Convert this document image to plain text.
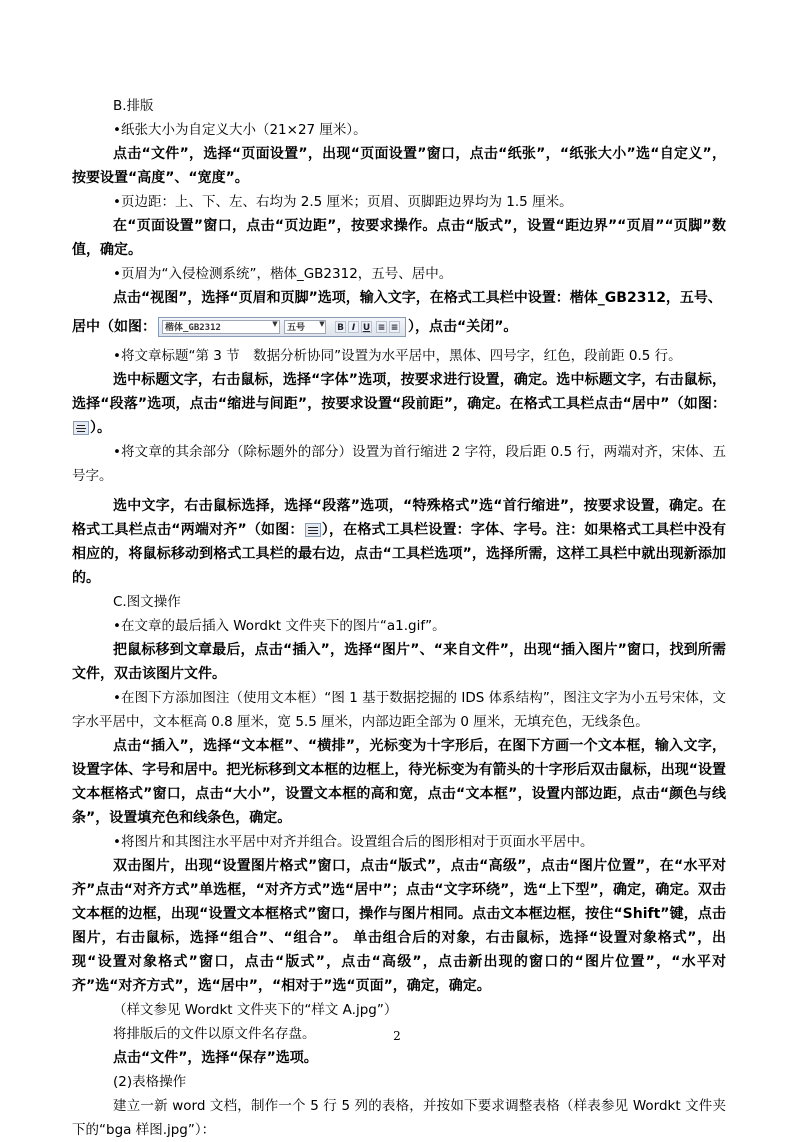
B.排版

•纸张大小为自定义大小（21×27 厘米）。

点击“文件”，选择“页面设置”，出现“页面设置”窗口，点击“纸张”，“纸张大小”选“自定义”，按要设置“高度”、“宽度”。

•页边距：上、下、左、右均为 2.5 厘米；页眉、页脚距边界均为 1.5 厘米。

在“页面设置”窗口，点击“页边距”，按要求操作。点击“版式”，设置“距边界”“页眉”“页脚”数值，确定。

•页眉为“入侵检测系统”，楷体_GB2312，五号、居中。

点击“视图”，选择“页眉和页脚”选项，输入文字，在格式工具栏中设置：楷体_GB2312，五号、

居中（如图：	楷体_GB2312	▼	五号	▼ B I U ≡ ≡ ），点击“关闭”。

•将文章标题“第 3 节　数据分析协同”设置为水平居中，黑体、四号字，红色，段前距 0.5 行。

选中标题文字，右击鼠标，选择“字体”选项，按要求进行设置，确定。选中标题文字，右击鼠标，选择“段落”选项，点击“缩进与间距”，按要求设置“段前距”，确定。在格式工具栏点击“居中”（如图：
）。

•将文章的其余部分（除标题外的部分）设置为首行缩进 2 字符，段后距 0.5 行，两端对齐，宋体、五号字。

选中文字，右击鼠标选择，选择“段落”选项，“特殊格式”选“首行缩进”，按要求设置，确定。在格式工具栏点击“两端对齐”（如图： ），在格式工具栏设置：字体、字号。注：如果格式工具栏中没有相应的，将鼠标移动到格式工具栏的最右边，点击“工具栏选项”，选择所需，这样工具栏中就出现新添加的。

C.图文操作

•在文章的最后插入 Wordkt 文件夹下的图片“a1.gif”。

把鼠标移到文章最后，点击“插入”，选择“图片”、“来自文件”，出现“插入图片”窗口，找到所需文件，双击该图片文件。

•在图下方添加图注（使用文本框）“图 1 基于数据挖掘的 IDS 体系结构”，图注文字为小五号宋体，文字水平居中，文本框高 0.8 厘米，宽 5.5 厘米，内部边距全部为 0 厘米，无填充色，无线条色。

点击“插入”，选择“文本框”、“横排”，光标变为十字形后，在图下方画一个文本框，输入文字，设置字体、字号和居中。把光标移到文本框的边框上，待光标变为有箭头的十字形后双击鼠标，出现“设置文本框格式”窗口，点击“大小”，设置文本框的高和宽，点击“文本框”，设置内部边距，点击“颜色与线条”，设置填充色和线条色，确定。

•将图片和其图注水平居中对齐并组合。设置组合后的图形相对于页面水平居中。

双击图片，出现“设置图片格式”窗口，点击“版式”，点击“高级”，点击“图片位置”，在“水平对齐”点击“对齐方式”单选框，“对齐方式”选“居中”；点击“文字环绕”，选“上下型”，确定，确定。双击文本框的边框，出现“设置文本框格式”窗口，操作与图片相同。点击文本框边框，按住“Shift”键，点击图片，右击鼠标，选择“组合”、“组合”。 单击组合后的对象，右击鼠标，选择“设置对象格式”，出现“设置对象格式”窗口，点击“版式”，点击“高级”，点击新出现的窗口的“图片位置”，“水平对齐”选“对齐方式”，选“居中”，“相对于”选“页面”，确定，确定。

（样文参见 Wordkt 文件夹下的“样文 A.jpg”）

将排版后的文件以原文件名存盘。

点击“文件”，选择“保存”选项。

(2)表格操作

建立一新 word 文档，制作一个 5 行 5 列的表格，并按如下要求调整表格（样表参见 Wordkt 文件夹下的“bga 样图.jpg”）：

2
